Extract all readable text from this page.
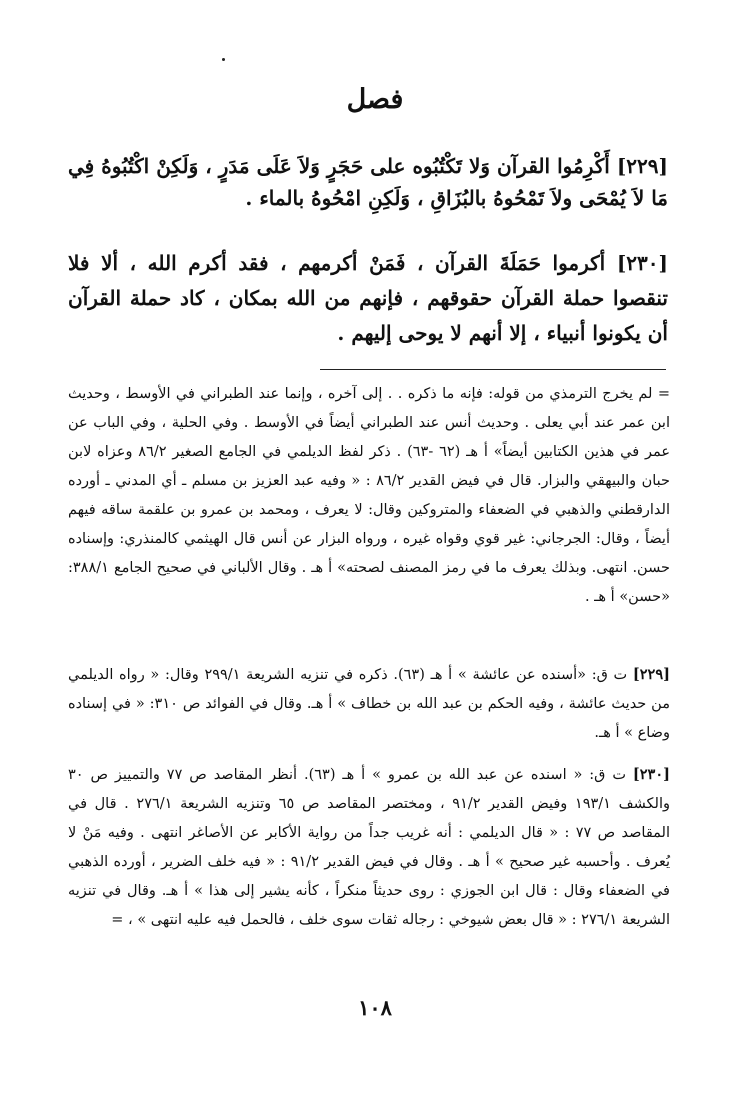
فصل
[٢٢٩] أَكْرِمُوا القرآن وَلا تَكْتُبُوه على حَجَرٍ وَلاَ عَلَى مَدَرٍ ، وَلَكِنْ اكْتُبُوهُ فِي مَا لاَ يُمْحَى ولاَ تَمْحُوهُ بالبُزَاقِ ، وَلَكِنِ امْحُوهُ بالماء .
[٢٣٠] أكرموا حَمَلَةَ القرآن ، فَمَنْ أكرمهم ، فقد أكرم الله ، ألا فلا تنقصوا حملة القرآن حقوقهم ، فإنهم من الله بمكان ، كاد حملة القرآن أن يكونوا أنبياء ، إلا أنهم لا يوحى إليهم .
= لم يخرج الترمذي من قوله: فإنه ما ذكره . . إلى آخره ، وإنما عند الطبراني في الأوسط ، وحديث ابن عمر عند أبي يعلى . وحديث أنس عند الطبراني أيضاً في الأوسط . وفي الحلية ، وفي الباب عن عمر في هذين الكتابين أيضاً» أ هـ (٦٢ -٦٣) . ذكر لفظ الديلمي في الجامع الصغير ٨٦/٢ وعزاه لابن حبان والبيهقي والبزار. قال في فيض القدير ٨٦/٢ : « وفيه عبد العزيز بن مسلم ـ أي المدني ـ أورده الدارقطني والذهبي في الضعفاء والمتروكين وقال: لا يعرف ، ومحمد بن عمرو بن علقمة ساقه فيهم أيضاً ، وقال: الجرجاني: غير قوي وقواه غيره ، ورواه البزار عن أنس قال الهيثمي كالمنذري: وإسناده حسن. انتهى. وبذلك يعرف ما في رمز المصنف لصحته» أ هـ . وقال الألباني في صحيح الجامع ٣٨٨/١: «حسن» أ هـ .
[٢٢٩] ت ق: «أسنده عن عائشة » أ هـ (٦٣). ذكره في تنزيه الشريعة ٢٩٩/١ وقال: « رواه الديلمي من حديث عائشة ، وفيه الحكم بن عبد الله بن خطاف » أ هـ. وقال في الفوائد ص ٣١٠: « في إسناده وضاع » أ هـ.
[٢٣٠] ت ق: « اسنده عن عبد الله بن عمرو » أ هـ (٦٣). أنظر المقاصد ص ٧٧ والتمييز ص ٣٠ والكشف ١٩٣/١ وفيض القدير ٩١/٢ ، ومختصر المقاصد ص ٦٥ وتنزيه الشريعة ٢٧٦/١ . قال في المقاصد ص ٧٧ : « قال الديلمي : أنه غريب جداً من رواية الأكابر عن الأصاغر انتهى . وفيه مَنْ لا يُعرف . وأحسبه غير صحيح » أ هـ . وقال في فيض القدير ٩١/٢ : « فيه خلف الضرير ، أورده الذهبي في الضعفاء وقال : قال ابن الجوزي : روى حديثاً منكراً ، كأنه يشير إلى هذا » أ هـ. وقال في تنزيه الشريعة ٢٧٦/١ : « قال بعض شيوخي : رجاله ثقات سوى خلف ، فالحمل فيه عليه انتهى » ، =
١٠٨
